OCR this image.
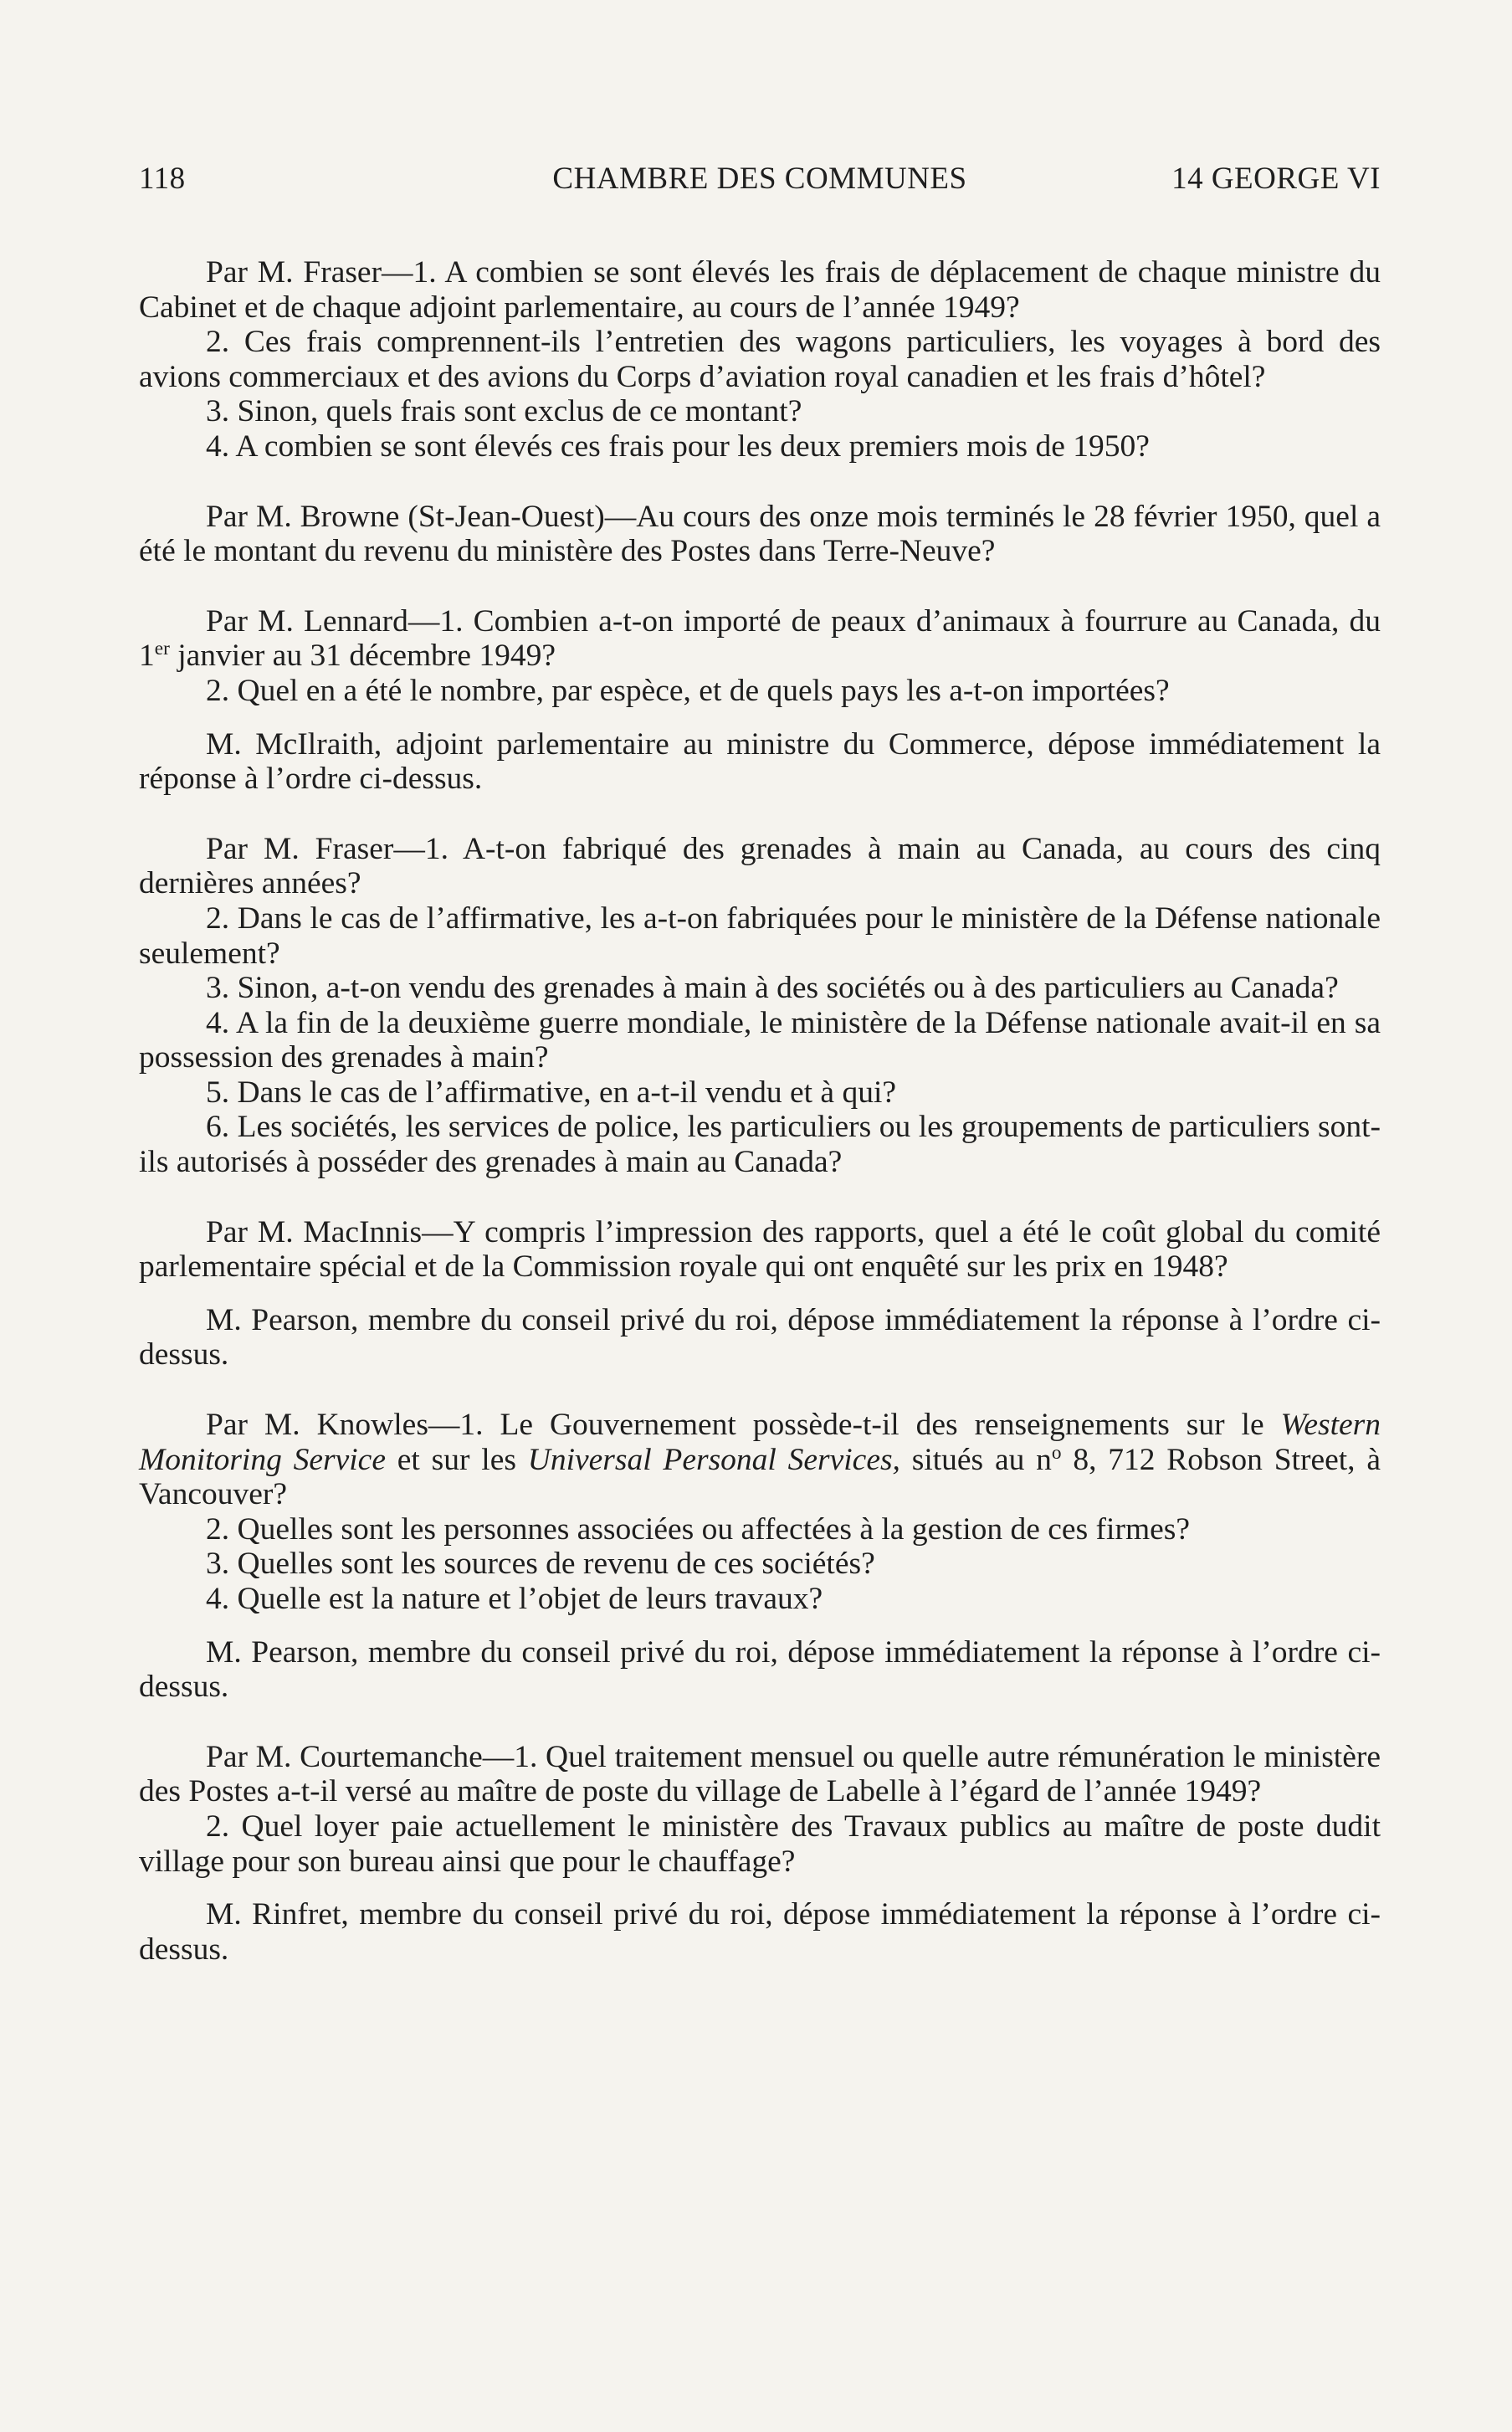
118	CHAMBRE DES COMMUNES	14 GEORGE VI

Par M. Fraser—1. A combien se sont élevés les frais de déplacement de chaque ministre du Cabinet et de chaque adjoint parlementaire, au cours de l’année 1949?

2. Ces frais comprennent-ils l’entretien des wagons particuliers, les voyages à bord des avions commerciaux et des avions du Corps d’aviation royal canadien et les frais d’hôtel?

3. Sinon, quels frais sont exclus de ce montant?

4. A combien se sont élevés ces frais pour les deux premiers mois de 1950?

Par M. Browne (St-Jean-Ouest)—Au cours des onze mois terminés le 28 février 1950, quel a été le montant du revenu du ministère des Postes dans Terre-Neuve?

Par M. Lennard—1. Combien a-t-on importé de peaux d’animaux à fourrure au Canada, du 1er janvier au 31 décembre 1949?

2. Quel en a été le nombre, par espèce, et de quels pays les a-t-on importées?

M. McIlraith, adjoint parlementaire au ministre du Commerce, dépose immédiatement la réponse à l’ordre ci-dessus.

Par M. Fraser—1. A-t-on fabriqué des grenades à main au Canada, au cours des cinq dernières années?

2. Dans le cas de l’affirmative, les a-t-on fabriquées pour le ministère de la Défense nationale seulement?

3. Sinon, a-t-on vendu des grenades à main à des sociétés ou à des particuliers au Canada?

4. A la fin de la deuxième guerre mondiale, le ministère de la Défense nationale avait-il en sa possession des grenades à main?

5. Dans le cas de l’affirmative, en a-t-il vendu et à qui?

6. Les sociétés, les services de police, les particuliers ou les groupements de particuliers sont-ils autorisés à posséder des grenades à main au Canada?

Par M. MacInnis—Y compris l’impression des rapports, quel a été le coût global du comité parlementaire spécial et de la Commission royale qui ont enquêté sur les prix en 1948?

M. Pearson, membre du conseil privé du roi, dépose immédiatement la réponse à l’ordre ci-dessus.

Par M. Knowles—1. Le Gouvernement possède-t-il des renseignements sur le Western Monitoring Service et sur les Universal Personal Services, situés au $n^o$ 8, 712 Robson Street, à Vancouver?

2. Quelles sont les personnes associées ou affectées à la gestion de ces firmes?

3. Quelles sont les sources de revenu de ces sociétés?

4. Quelle est la nature et l’objet de leurs travaux?

M. Pearson, membre du conseil privé du roi, dépose immédiatement la réponse à l’ordre ci-dessus.

Par M. Courtemanche—1. Quel traitement mensuel ou quelle autre rémunération le ministère des Postes a-t-il versé au maître de poste du village de Labelle à l’égard de l’année 1949?

2. Quel loyer paie actuellement le ministère des Travaux publics au maître de poste dudit village pour son bureau ainsi que pour le chauffage?

M. Rinfret, membre du conseil privé du roi, dépose immédiatement la réponse à l’ordre ci-dessus.
